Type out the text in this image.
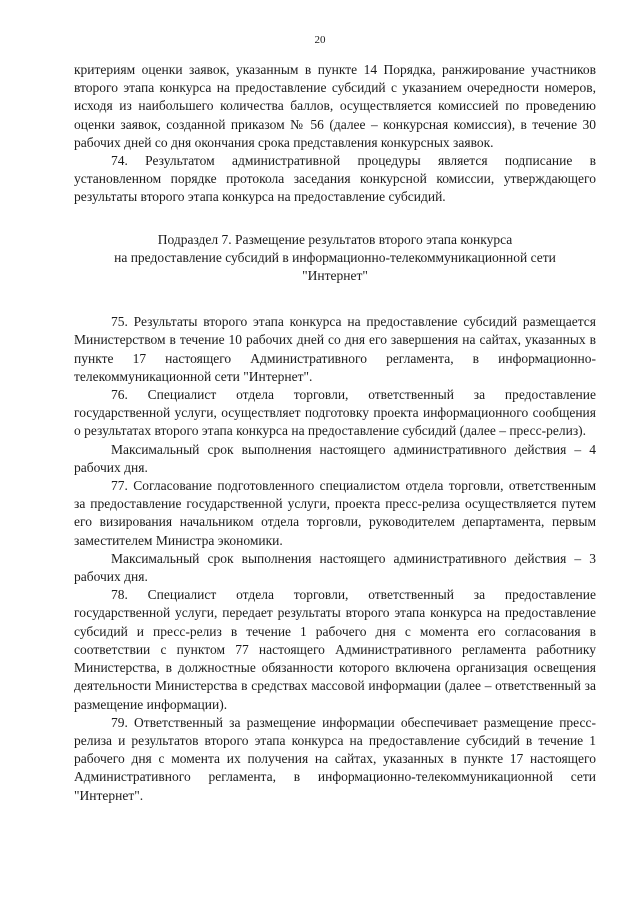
20

критериям оценки заявок, указанным в пункте 14 Порядка, ранжирование участников второго этапа конкурса на предоставление субсидий с указанием очередности номеров, исходя из наибольшего количества баллов, осуществляется комиссией по проведению оценки заявок, созданной приказом № 56 (далее – конкурсная комиссия), в течение 30 рабочих дней со дня окончания срока представления конкурсных заявок.

74. Результатом административной процедуры является подписание в установленном порядке протокола заседания конкурсной комиссии, утверждающего результаты второго этапа конкурса на предоставление субсидий.

Подраздел 7. Размещение результатов второго этапа конкурса
на предоставление субсидий в информационно-телекоммуникационной сети
"Интернет"

75. Результаты второго этапа конкурса на предоставление субсидий размещается Министерством в течение 10 рабочих дней со дня его завершения на сайтах, указанных в пункте 17 настоящего Административного регламента, в информационно-телекоммуникационной сети "Интернет".

76. Специалист отдела торговли, ответственный за предоставление государственной услуги, осуществляет подготовку проекта информационного сообщения о результатах второго этапа конкурса на предоставление субсидий (далее – пресс-релиз).

Максимальный срок выполнения настоящего административного действия – 4 рабочих дня.

77. Согласование подготовленного специалистом отдела торговли, ответственным за предоставление государственной услуги, проекта пресс-релиза осуществляется путем его визирования начальником отдела торговли, руководителем департамента, первым заместителем Министра экономики.

Максимальный срок выполнения настоящего административного действия – 3 рабочих дня.

78. Специалист отдела торговли, ответственный за предоставление государственной услуги, передает результаты второго этапа конкурса на предоставление субсидий и пресс-релиз в течение 1 рабочего дня с момента его согласования в соответствии с пунктом 77 настоящего Административного регламента работнику Министерства, в должностные обязанности которого включена организация освещения деятельности Министерства в средствах массовой информации (далее – ответственный за размещение информации).

79. Ответственный за размещение информации обеспечивает размещение пресс-релиза и результатов второго этапа конкурса на предоставление субсидий в течение 1 рабочего дня с момента их получения на сайтах, указанных в пункте 17 настоящего Административного регламента, в информационно-телекоммуникационной сети "Интернет".
